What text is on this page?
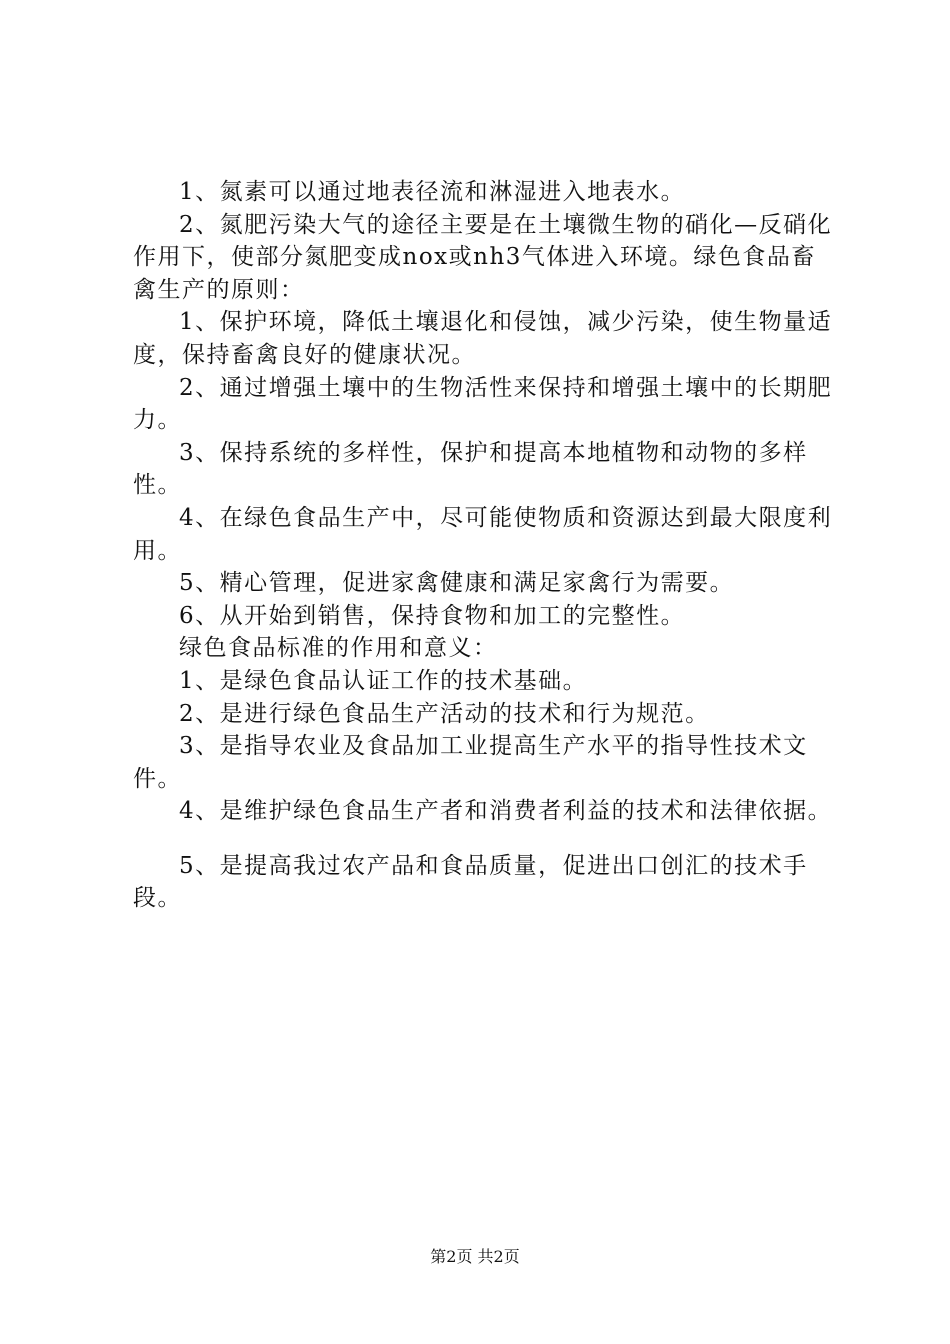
1、氮素可以通过地表径流和淋湿进入地表水。

2、氮肥污染大气的途径主要是在土壤微生物的硝化—反硝化作用下，使部分氮肥变成nox或nh3气体进入环境。绿色食品畜禽生产的原则：

1、保护环境，降低土壤退化和侵蚀，减少污染，使生物量适度，保持畜禽良好的健康状况。

2、通过增强土壤中的生物活性来保持和增强土壤中的长期肥力。

3、保持系统的多样性，保护和提高本地植物和动物的多样性。

4、在绿色食品生产中，尽可能使物质和资源达到最大限度利用。

5、精心管理，促进家禽健康和满足家禽行为需要。

6、从开始到销售，保持食物和加工的完整性。

绿色食品标准的作用和意义：

1、是绿色食品认证工作的技术基础。

2、是进行绿色食品生产活动的技术和行为规范。

3、是指导农业及食品加工业提高生产水平的指导性技术文件。

4、是维护绿色食品生产者和消费者利益的技术和法律依据。

5、是提高我过农产品和食品质量，促进出口创汇的技术手段。

第2页 共2页
